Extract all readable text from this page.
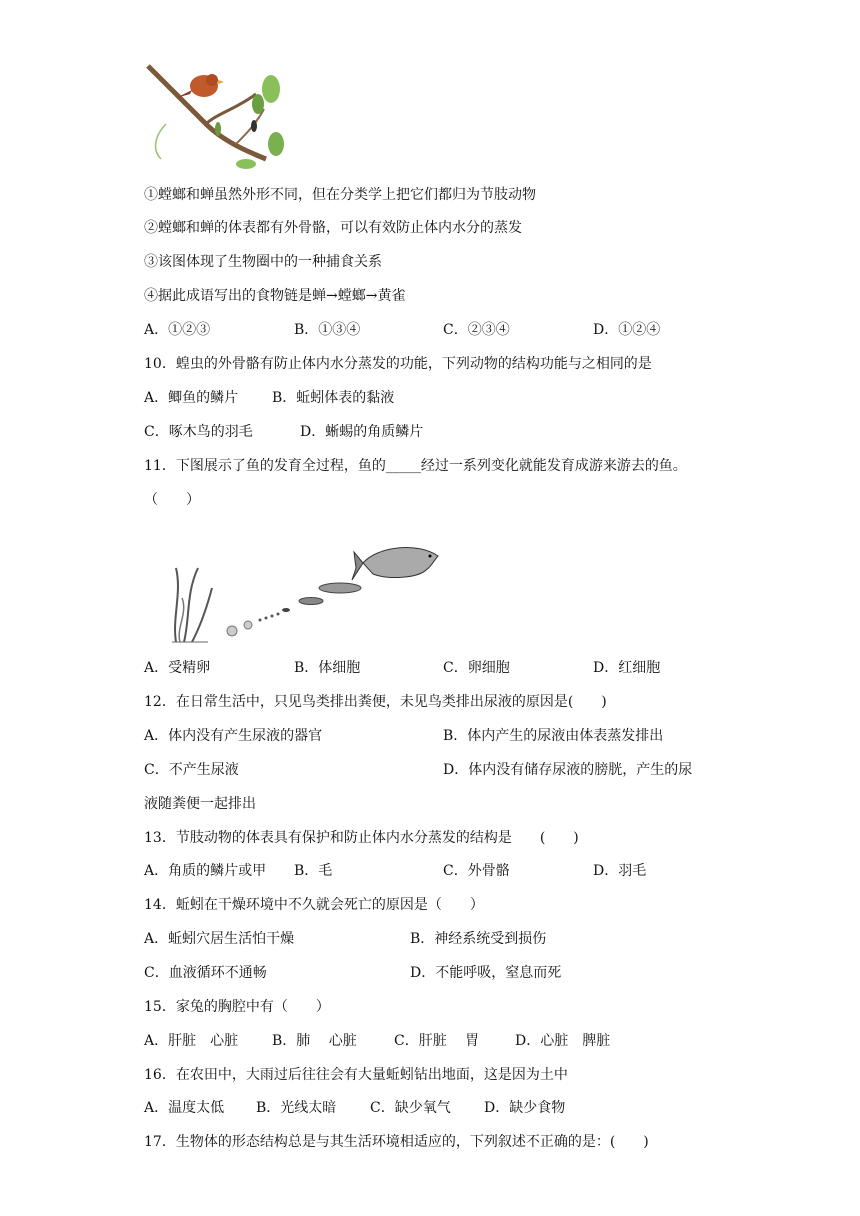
①螳螂和蝉虽然外形不同，但在分类学上把它们都归为节肢动物
②螳螂和蝉的体表都有外骨骼，可以有效防止体内水分的蒸发
③该图体现了生物圈中的一种捕食关系
④据此成语写出的食物链是蝉→螳螂→黄雀
A．①②③	B．①③④	C．②③④	D．①②④
10．蝗虫的外骨骼有防止体内水分蒸发的功能，下列动物的结构功能与之相同的是
A．鲫鱼的鳞片 B．蚯蚓体表的黏液
C．啄木鸟的羽毛	D．蜥蜴的角质鳞片
11．下图展示了鱼的发育全过程，鱼的_____经过一系列变化就能发育成游来游去的鱼。
（　　）
A．受精卵	B．体细胞	C．卵细胞	D．红细胞
12．在日常生活中，只见鸟类排出粪便，未见鸟类排出尿液的原因是(　　)
A．体内没有产生尿液的器官	B．体内产生的尿液由体表蒸发排出
C．不产生尿液	D．体内没有储存尿液的膀胱，产生的尿
液随粪便一起排出
13．节肢动物的体表具有保护和防止体内水分蒸发的结构是　　(　　)
A．角质的鳞片或甲 B．毛	C．外骨骼	D．羽毛
14．蚯蚓在干燥环境中不久就会死亡的原因是（　　）
A．蚯蚓穴居生活怕干燥	B．神经系统受到损伤
C．血液循环不通畅	D．不能呼吸，窒息而死
15．家兔的胸腔中有（　　）
A．肝脏　心脏 B．肺　 心脏	C．肝脏　 胃	D．心脏　脾脏
16．在农田中，大雨过后往往会有大量蚯蚓钻出地面，这是因为土中
A．温度太低 B．光线太暗 C．缺少氧气 D．缺少食物
17．生物体的形态结构总是与其生活环境相适应的，下列叙述不正确的是：(　　)
